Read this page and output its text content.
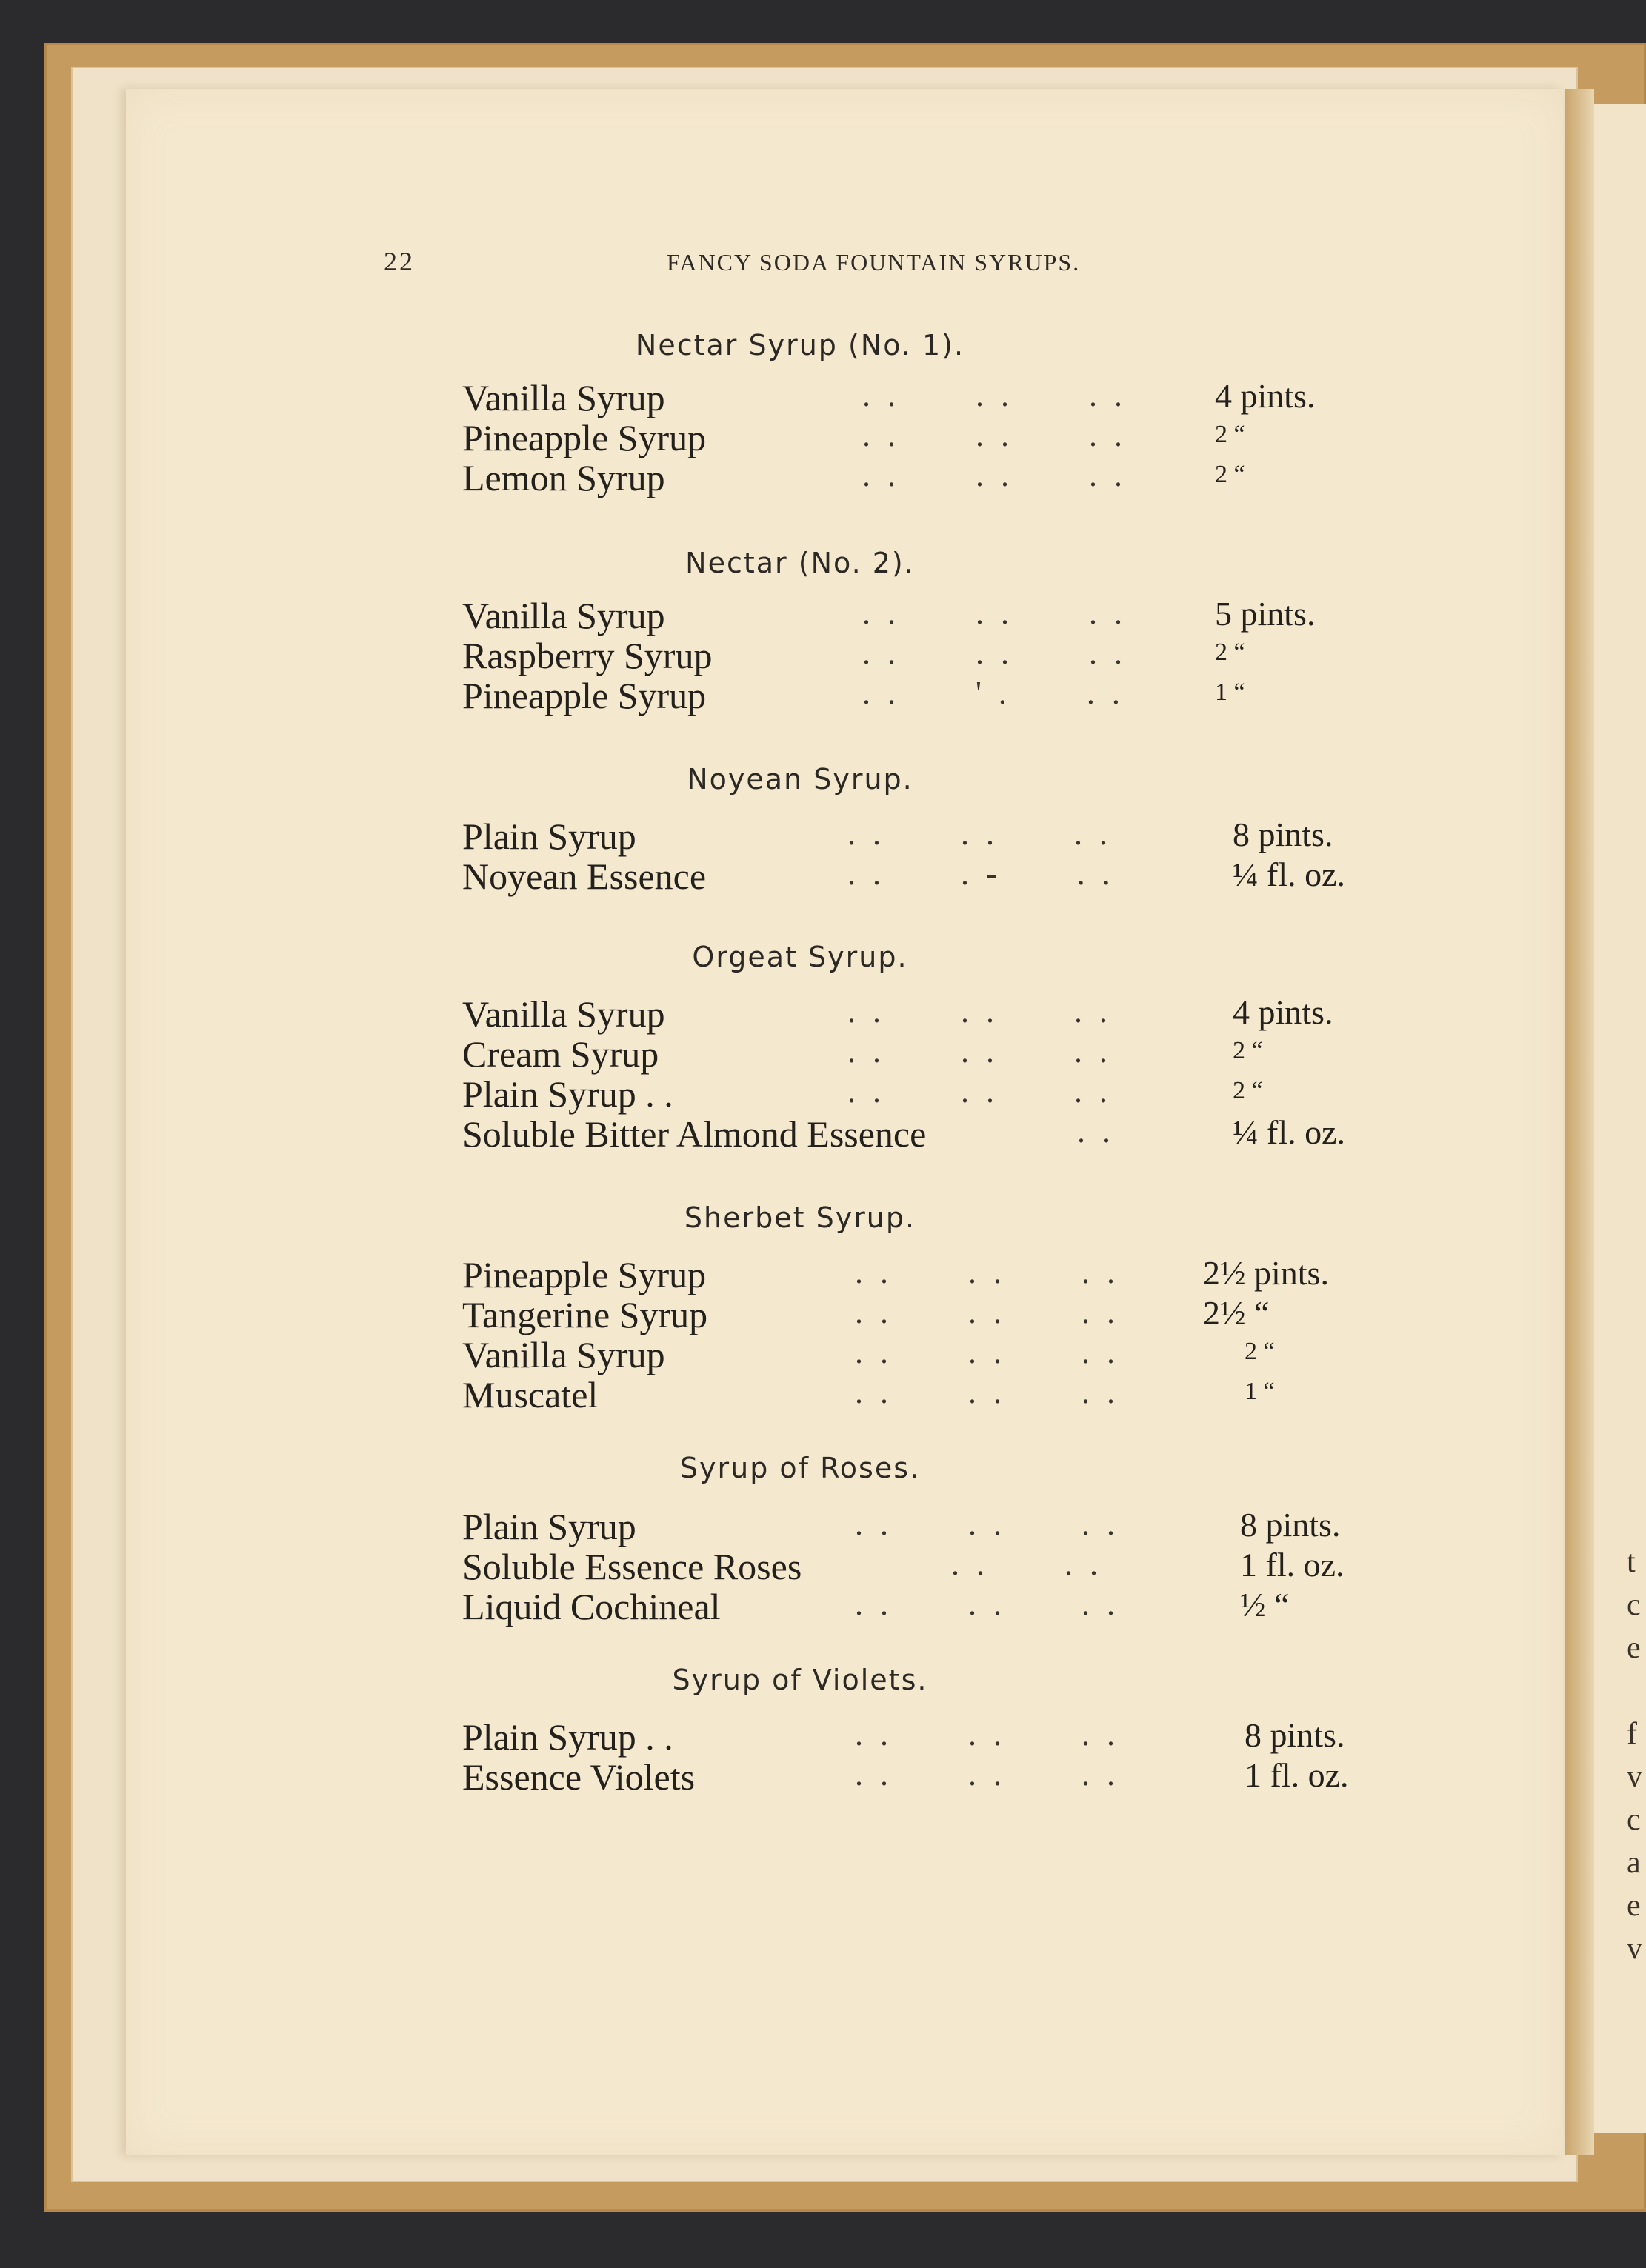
t
c
e

f
v
c
a
e
v
22	FANCY SODA FOUNTAIN SYRUPS.
Nectar Syrup (No. 1).
Vanilla Syrup	. .      . .      . .	4 pints.
Pineapple Syrup	. .      . .      . .	2 “
Lemon Syrup	. .      . .      . .	2 “
Nectar (No. 2).
Vanilla Syrup	. .      . .      . .	5 pints.
Raspberry Syrup	. .      . .      . .	2 “
Pineapple Syrup	. .      ' .      . .	1 “
Noyean Syrup.
Plain Syrup	. .      . .      . .	8 pints.
Noyean Essence	. .      . -      . .	¼ fl. oz.
Orgeat Syrup.
Vanilla Syrup	. .      . .      . .	4 pints.
Cream Syrup	. .      . .      . .	2 “
Plain Syrup . .	. .      . .      . .	2 “
Soluble Bitter Almond Essence	. .	¼ fl. oz.
Sherbet Syrup.
Pineapple Syrup	. .      . .      . .	2½ pints.
Tangerine Syrup	. .      . .      . .	2½ “
Vanilla Syrup	. .      . .      . .	2 “
Muscatel	. .      . .      . .	1 “
Syrup of Roses.
Plain Syrup	. .      . .      . .	8 pints.
Soluble Essence Roses	. .      . .	1 fl. oz.
Liquid Cochineal	. .      . .      . .	½ “
Syrup of Violets.
Plain Syrup . .	. .      . .      . .	8 pints.
Essence Violets	. .      . .      . .	1 fl. oz.
